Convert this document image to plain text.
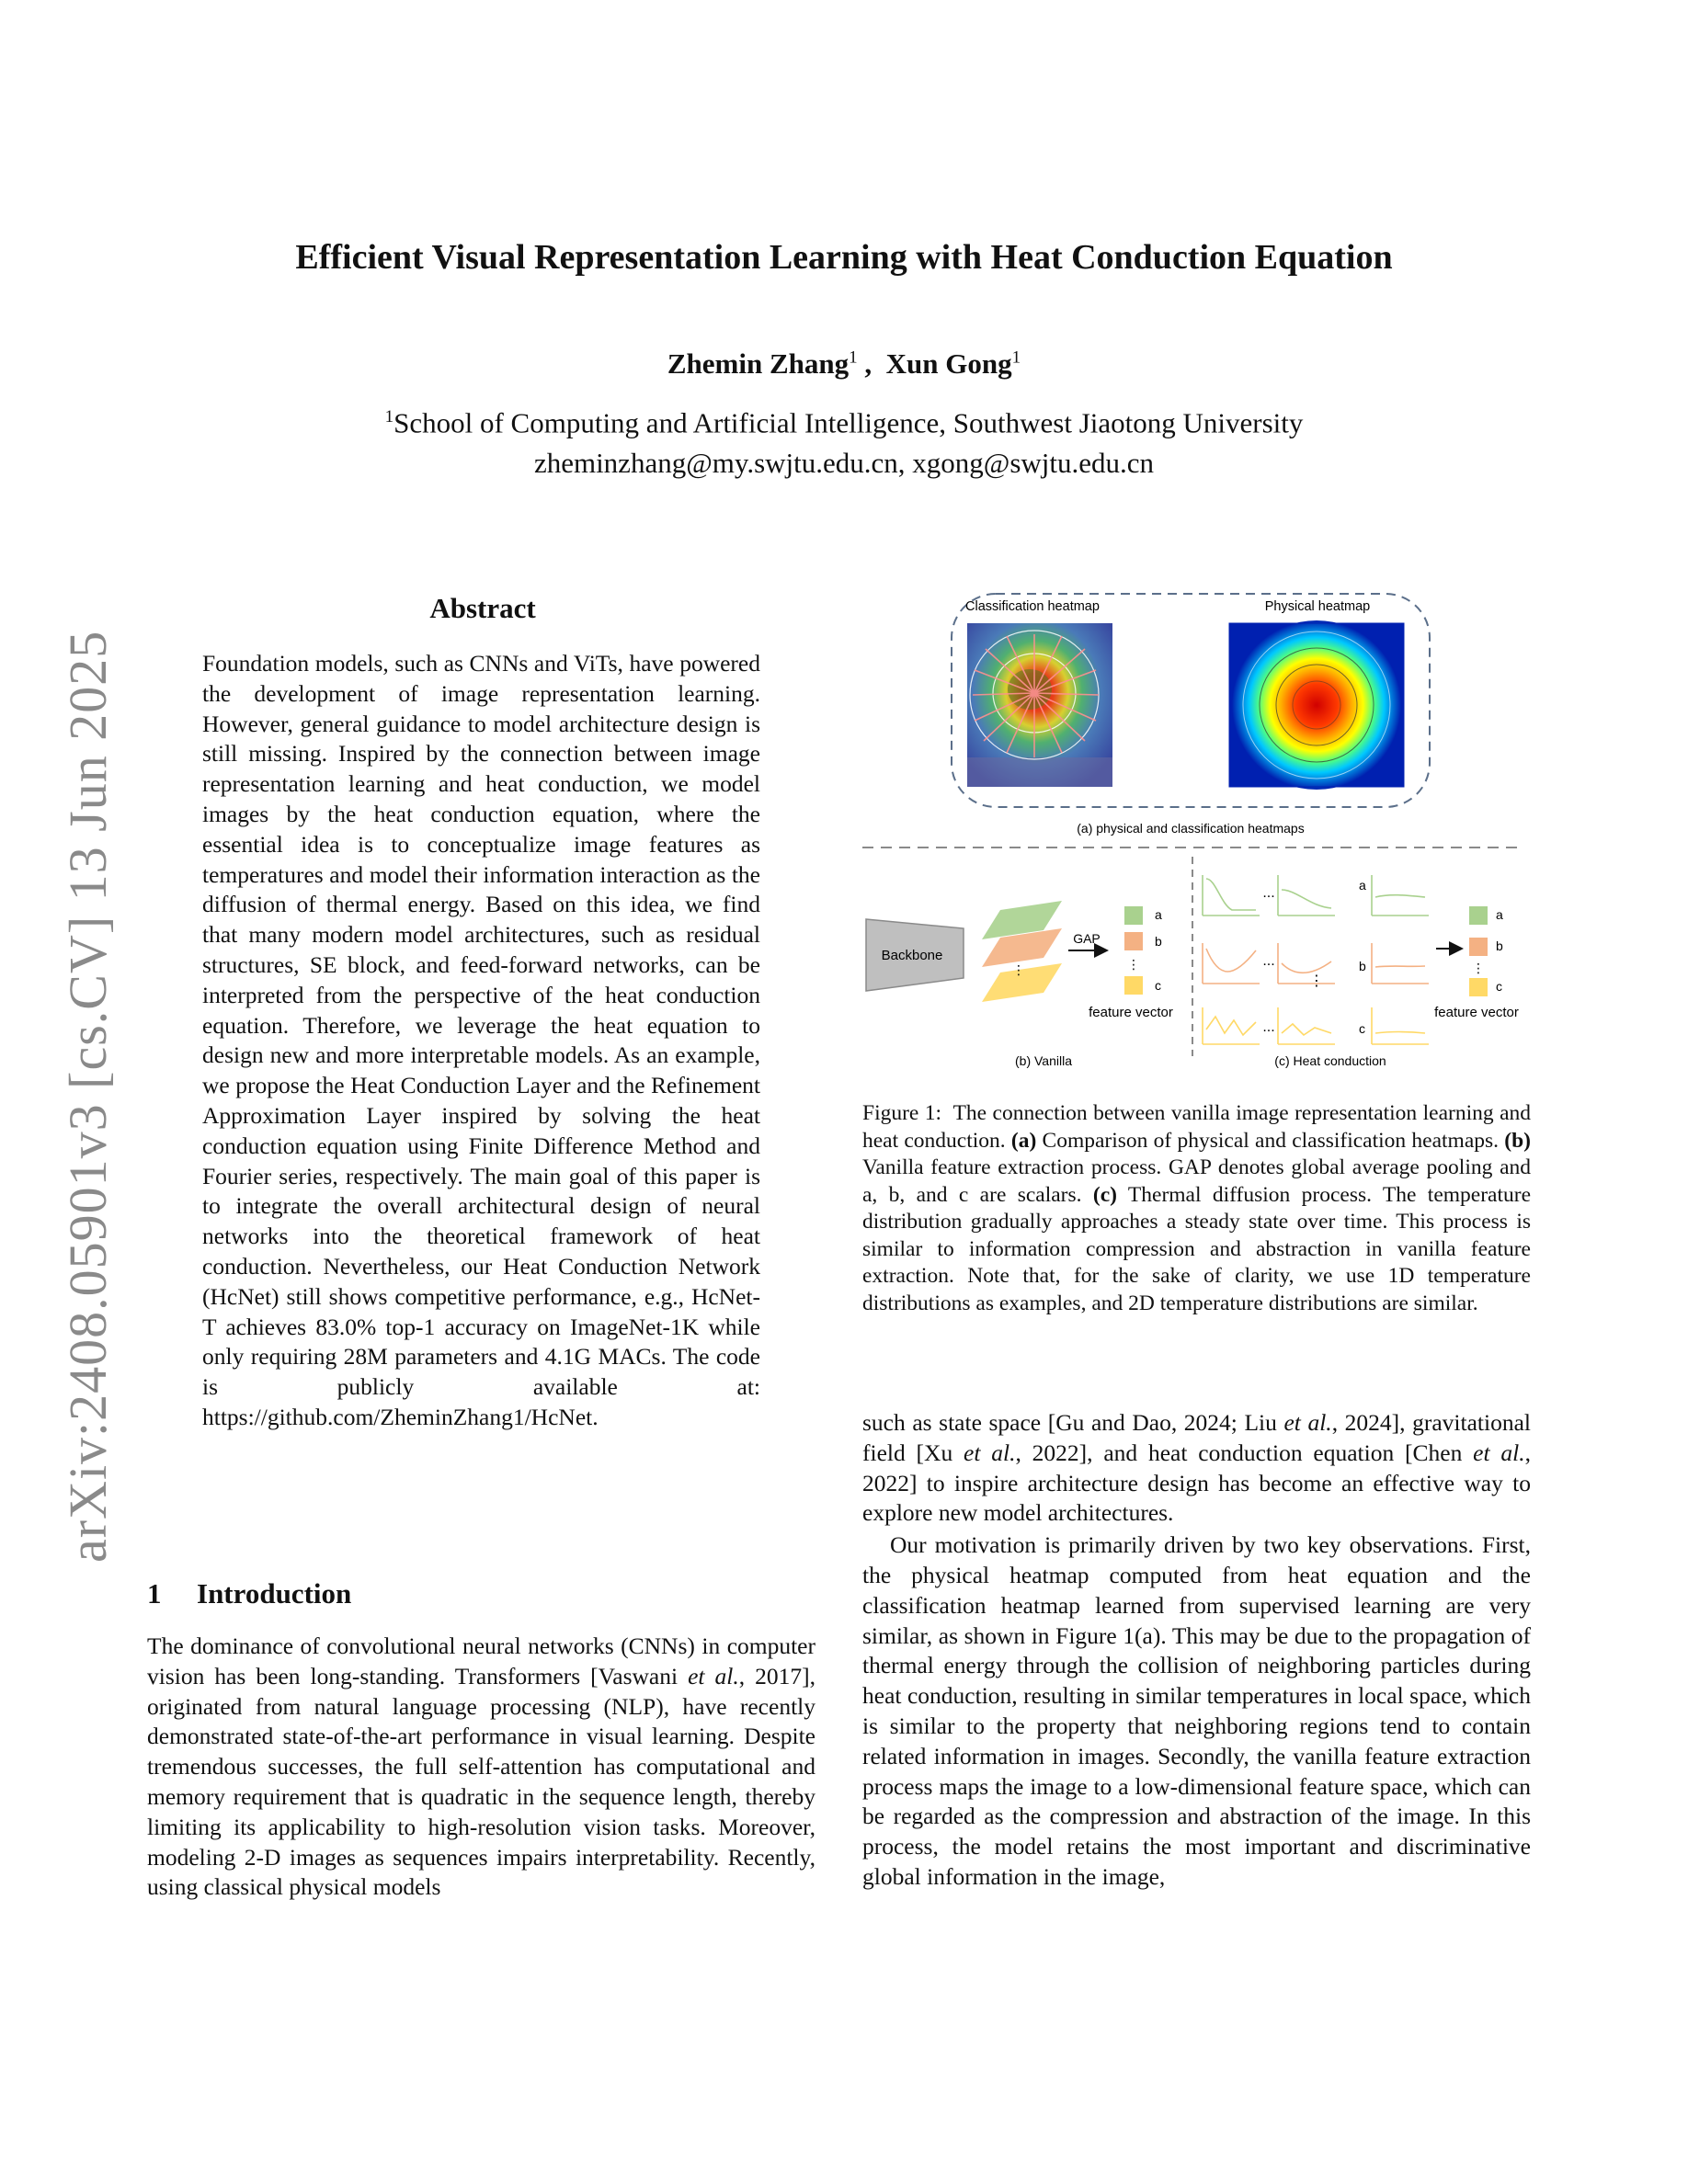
arXiv:2408.05901v3 [cs.CV] 13 Jun 2025
Efficient Visual Representation Learning with Heat Conduction Equation
Zhemin Zhang$^1$ ,  Xun Gong$^1$
$^1$School of Computing and Artificial Intelligence, Southwest Jiaotong University
zheminzhang@my.swjtu.edu.cn, xgong@swjtu.edu.cn
Abstract
Foundation models, such as CNNs and ViTs, have powered the development of image representation learning. However, general guidance to model architecture design is still missing. Inspired by the connection between image representation learning and heat conduction, we model images by the heat conduction equation, where the essential idea is to conceptualize image features as temperatures and model their information interaction as the diffusion of thermal energy. Based on this idea, we find that many modern model architectures, such as residual structures, SE block, and feed-forward networks, can be interpreted from the perspective of the heat conduction equation. Therefore, we leverage the heat equation to design new and more interpretable models. As an example, we propose the Heat Conduction Layer and the Refinement Approximation Layer inspired by solving the heat conduction equation using Finite Difference Method and Fourier series, respectively. The main goal of this paper is to integrate the overall architectural design of neural networks into the theoretical framework of heat conduction. Nevertheless, our Heat Conduction Network (HcNet) still shows competitive performance, e.g., HcNet-T achieves 83.0% top-1 accuracy on ImageNet-1K while only requiring 28M parameters and 4.1G MACs. The code is publicly available at: https://github.com/ZheminZhang1/HcNet.
1 Introduction
The dominance of convolutional neural networks (CNNs) in computer vision has been long-standing. Transformers [Vaswani et al., 2017], originated from natural language processing (NLP), have recently demonstrated state-of-the-art performance in visual learning. Despite tremendous successes, the full self-attention has computational and memory requirement that is quadratic in the sequence length, thereby limiting its applicability to high-resolution vision tasks. Moreover, modeling 2-D images as sequences impairs interpretability. Recently, using classical physical models
Classification heatmap	Physical heatmap
(a) physical and classification heatmaps
Backbone
⋮
GAP
⋮
a
b
c
feature vector
(b) Vanilla
...
...
...
⋮
a
b
c
⋮
a
b
c
feature vector
(c) Heat conduction
Figure 1: The connection between vanilla image representation learning and heat conduction. (a) Comparison of physical and classification heatmaps. (b) Vanilla feature extraction process. GAP denotes global average pooling and a, b, and c are scalars. (c) Thermal diffusion process. The temperature distribution gradually approaches a steady state over time. This process is similar to information compression and abstraction in vanilla feature extraction. Note that, for the sake of clarity, we use 1D temperature distributions as examples, and 2D temperature distributions are similar.

such as state space [Gu and Dao, 2024; Liu et al., 2024], gravitational field [Xu et al., 2022], and heat conduction equation [Chen et al., 2022] to inspire architecture design has become an effective way to explore new model architectures.

Our motivation is primarily driven by two key observations. First, the physical heatmap computed from heat equation and the classification heatmap learned from supervised learning are very similar, as shown in Figure 1(a). This may be due to the propagation of thermal energy through the collision of neighboring particles during heat conduction, resulting in similar temperatures in local space, which is similar to the property that neighboring regions tend to contain related information in images. Secondly, the vanilla feature extraction process maps the image to a low-dimensional feature space, which can be regarded as the compression and abstraction of the image. In this process, the model retains the most important and discriminative global information in the image,
